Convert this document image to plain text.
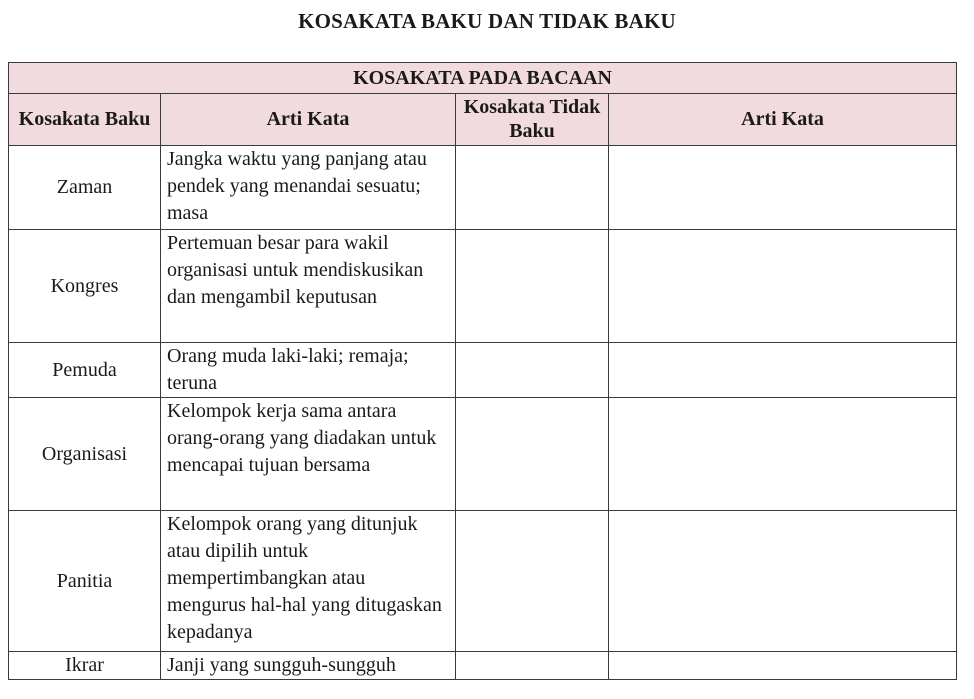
KOSAKATA BAKU DAN TIDAK BAKU
KOSAKATA PADA BACAAN			
Kosakata Baku	Arti Kata	Kosakata Tidak Baku	Arti Kata
Zaman	Jangka waktu yang panjang atau pendek yang menandai sesuatu; masa		
Kongres	Pertemuan besar para wakil organisasi untuk mendiskusikan dan mengambil keputusan		
Pemuda	Orang muda laki-laki; remaja; teruna		
Organisasi	Kelompok kerja sama antara orang-orang yang diadakan untuk mencapai tujuan bersama		
Panitia	Kelompok orang yang ditunjuk atau dipilih untuk mempertimbangkan atau mengurus hal-hal yang ditugaskan kepadanya		
Ikrar	Janji yang sungguh-sungguh		
